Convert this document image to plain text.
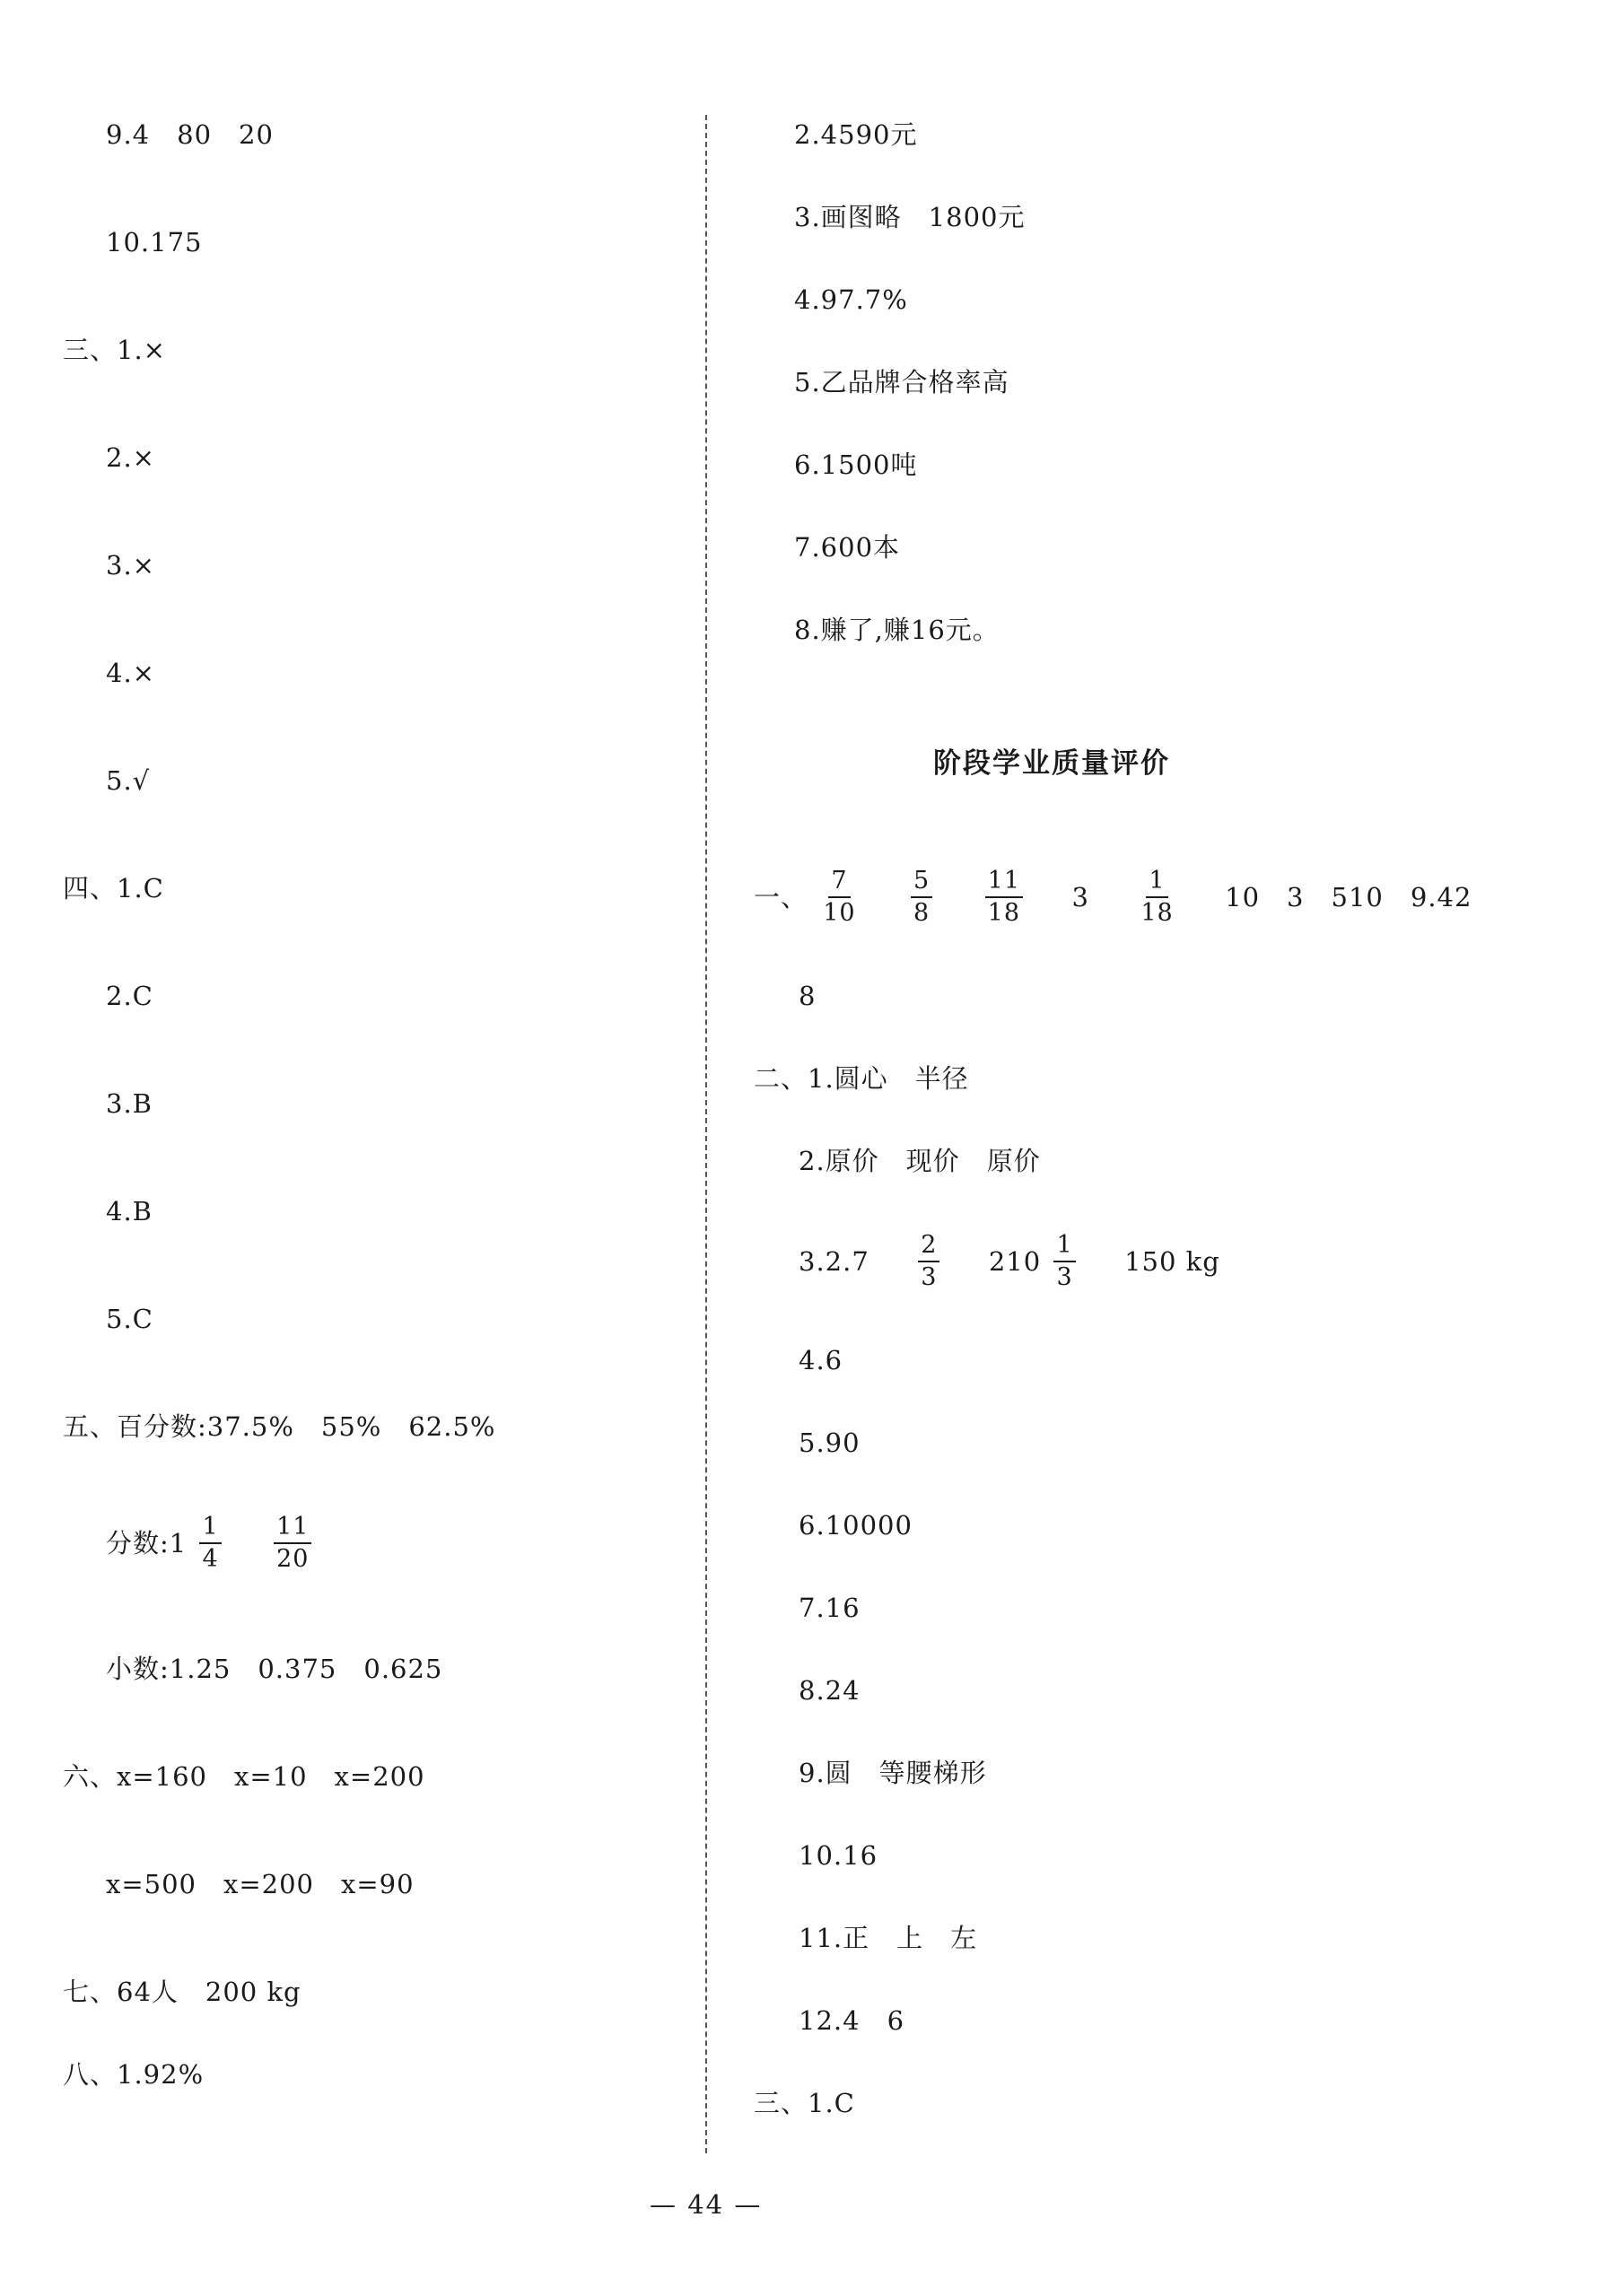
9.4　80　20
10.175
三、1.×
2.×
3.×
4.×
5.√
四、1.C
2.C
3.B
4.B
5.C
五、百分数:37.5%　55%　62.5%
分数:1 $\frac{1}{4}$
$\frac{11}{20}$
小数:1.25　0.375　0.625
六、x=160　x=10　x=200
x=500　x=200　x=90
七、64人　200 kg
八、1.92%
2.4590元
3.画图略　1800元
4.97.7%
5.乙品牌合格率高
6.1500吨
7.600本
8.赚了,赚16元。
阶段学业质量评价
一、 $\frac{7}{10}$
$\frac{5}{8}$
$\frac{11}{18} 3 \frac{1}{18} 10$　3　510　9.42
8
二、1.圆心　半径
2.原价　现价　原价
$3.2.7 \frac{2}{3} 210 \frac{1}{3} 150$ kg
4.6
5.90
6.10000
7.16
8.24
9.圆　等腰梯形
10.16
11.正　上　左
12.4　6
三、1.C
— 44 —
